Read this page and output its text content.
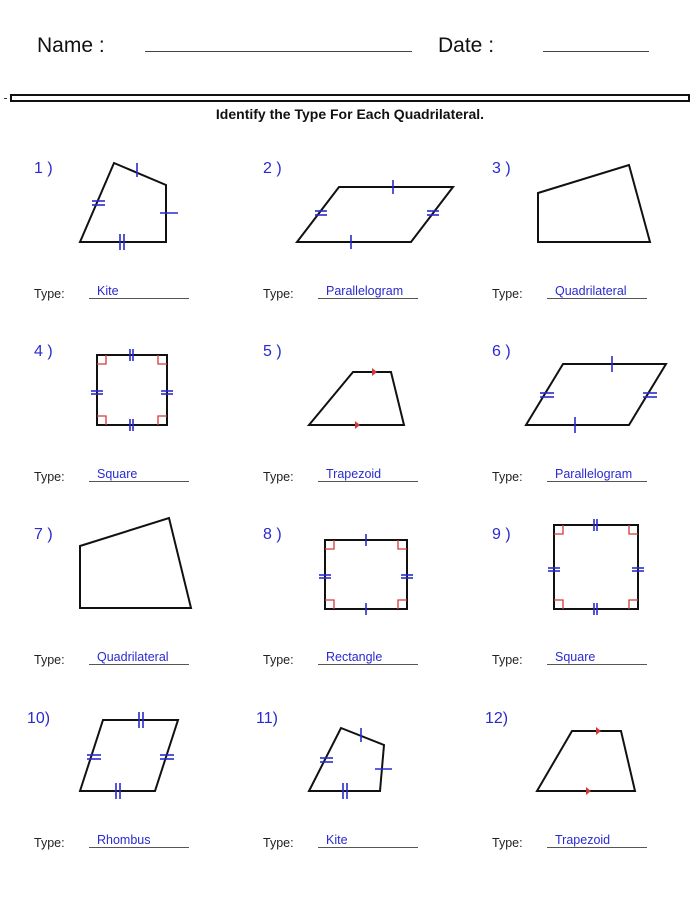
Name :	Date :
Identify the Type For Each Quadrilateral.
1 )	2 )	3 )
4 )	5 )	6 )
7 )	8 )	9 )
10)	11)	12)
Type:	Kite	Type:	Parallelogram	Type:	Quadrilateral
Type:	Square	Type:	Trapezoid	Type:	Parallelogram
Type:	Quadrilateral	Type:	Rectangle	Type:	Square
Type:	Rhombus	Type:	Kite	Type:	Trapezoid
